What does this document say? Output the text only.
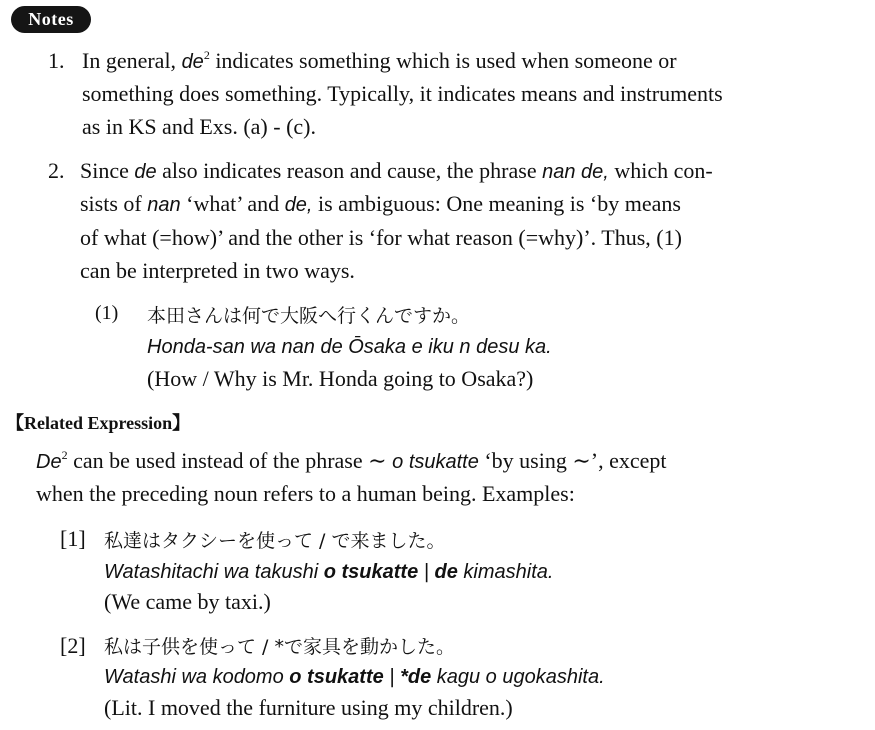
Notes
1. In general, $de^2$ indicates something which is used when someone or
something does something. Typically, it indicates means and instruments
as in KS and Exs. (a) - (c).
2. Since de also indicates reason and cause, the phrase nan de, which con-
sists of nan ‘what’ and de, is ambiguous: One meaning is ‘by means
of what (=how)’ and the other is ‘for what reason (=why)’. Thus, (1)
can be interpreted in two ways.
(1) 本田さんは何で大阪へ行くんですか。
Honda-san wa nan de Ōsaka e iku n desu ka.
(How / Why is Mr. Honda going to Osaka?)
【Related Expression】
De$^2$ can be used instead of the phrase ∼ o tsukatte ‘by using ∼’, except
when the preceding noun refers to a human being. Examples:
[1] 私達はタクシーを使って / で来ました。
Watashitachi wa takushi o tsukatte | de kimashita.
(We came by taxi.)
[2] 私は子供を使って / *で家具を動かした。
Watashi wa kodomo o tsukatte | *de kagu o ugokashita.
(Lit. I moved the furniture using my children.)
